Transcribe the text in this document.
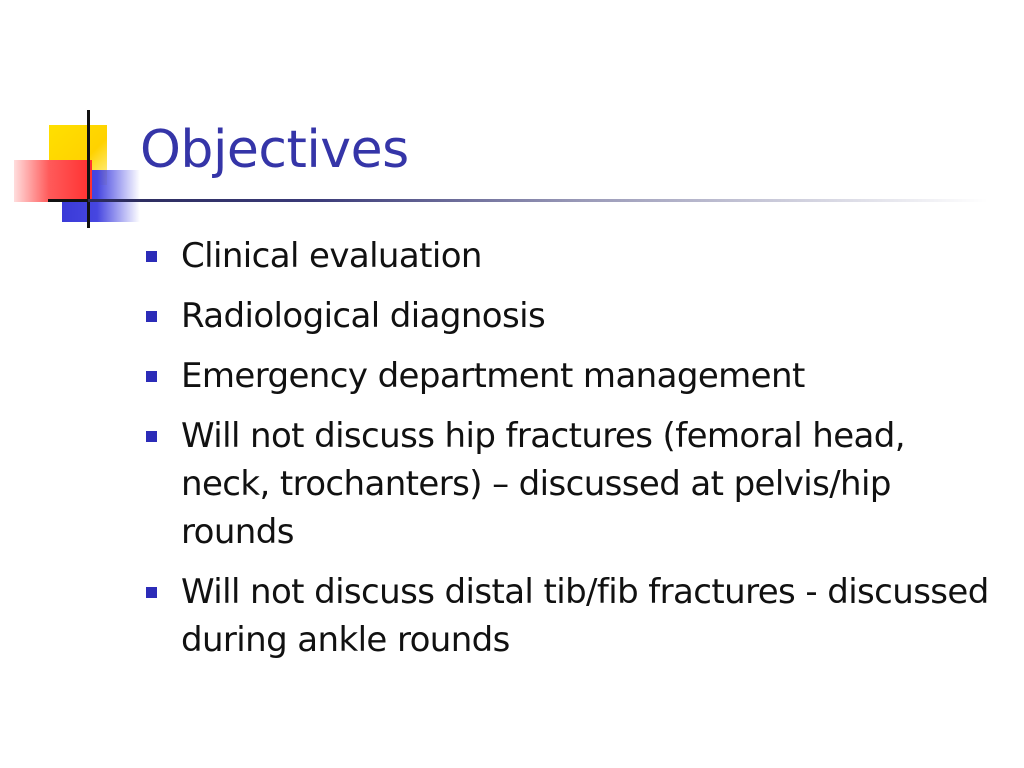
Objectives
Clinical evaluation
Radiological diagnosis
Emergency department management
Will not discuss hip fractures (femoral head, neck, trochanters) – discussed at pelvis/hip rounds
Will not discuss distal tib/fib fractures - discussed during ankle rounds
